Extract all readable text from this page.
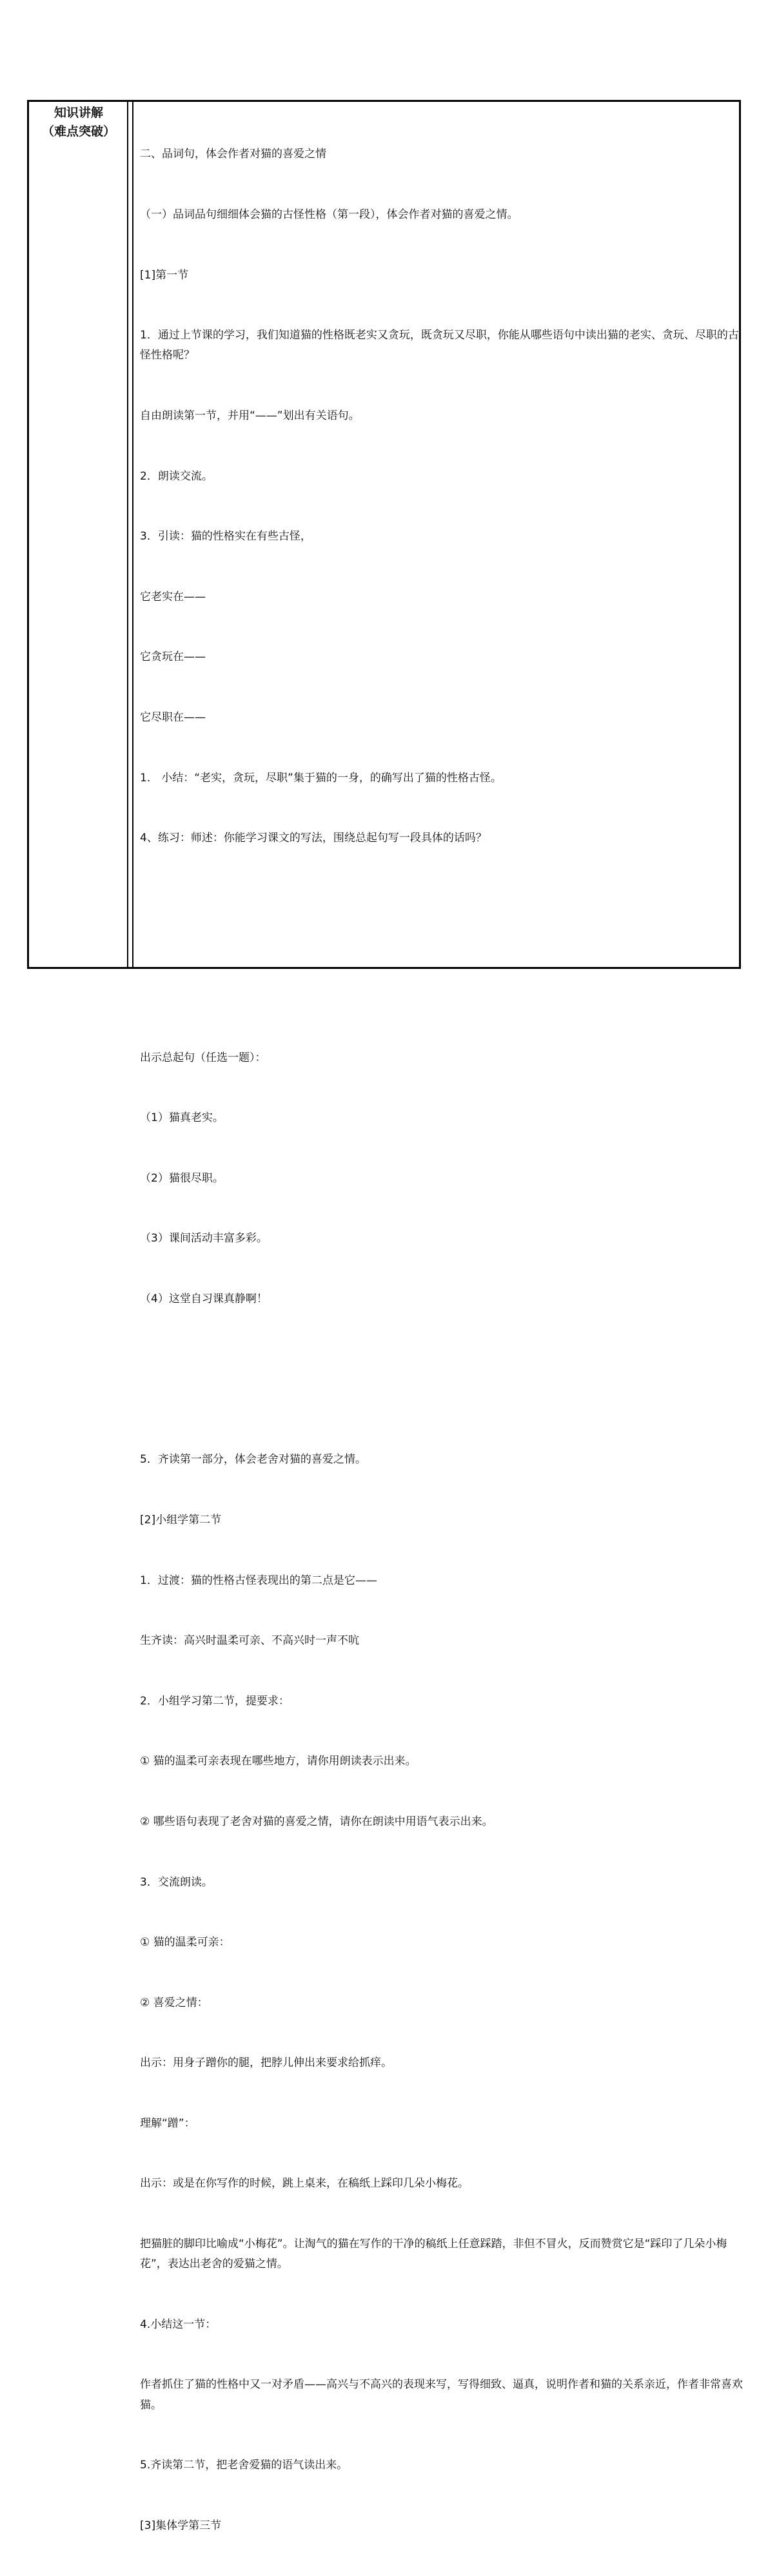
知识讲解
（难点突破）

二、品词句，体会作者对猫的喜爱之情

（一）品词品句细细体会猫的古怪性格（第一段），体会作者对猫的喜爱之情。

[1]第一节

1．通过上节课的学习，我们知道猫的性格既老实又贪玩，既贪玩又尽职，你能从哪些语句中读出猫的老实、贪玩、尽职的古怪性格呢？

自由朗读第一节，并用“——”划出有关语句。

2．朗读交流。

3．引读：猫的性格实在有些古怪，

它老实在——

它贪玩在——

它尽职在——

1.　小结：“老实，贪玩，尽职”集于猫的一身，的确写出了猫的性格古怪。

4、练习：师述：你能学习课文的写法，围绕总起句写一段具体的话吗？

出示总起句（任选一题）：

（1）猫真老实。

（2）猫很尽职。

（3）课间活动丰富多彩。

（4）这堂自习课真静啊！

5．齐读第一部分，体会老舍对猫的喜爱之情。

[2]小组学第二节

1．过渡：猫的性格古怪表现出的第二点是它——

生齐读：高兴时温柔可亲、不高兴时一声不吭

2．小组学习第二节，提要求：

① 猫的温柔可亲表现在哪些地方，请你用朗读表示出来。

② 哪些语句表现了老舍对猫的喜爱之情，请你在朗读中用语气表示出来。

3．交流朗读。

① 猫的温柔可亲：

② 喜爱之情：

出示：用身子蹭你的腿，把脖儿伸出来要求给抓痒。

理解“蹭”：

出示：或是在你写作的时候，跳上桌来，在稿纸上踩印几朵小梅花。

把猫脏的脚印比喻成“小梅花”。让淘气的猫在写作的干净的稿纸上任意踩踏，非但不冒火，反而赞赏它是“踩印了几朵小梅花”，表达出老舍的爱猫之情。

4.小结这一节：

作者抓住了猫的性格中又一对矛盾——高兴与不高兴的表现来写，写得细致、逼真，说明作者和猫的关系亲近，作者非常喜欢猫。

5.齐读第二节，把老舍爱猫的语气读出来。

[3]集体学第三节
